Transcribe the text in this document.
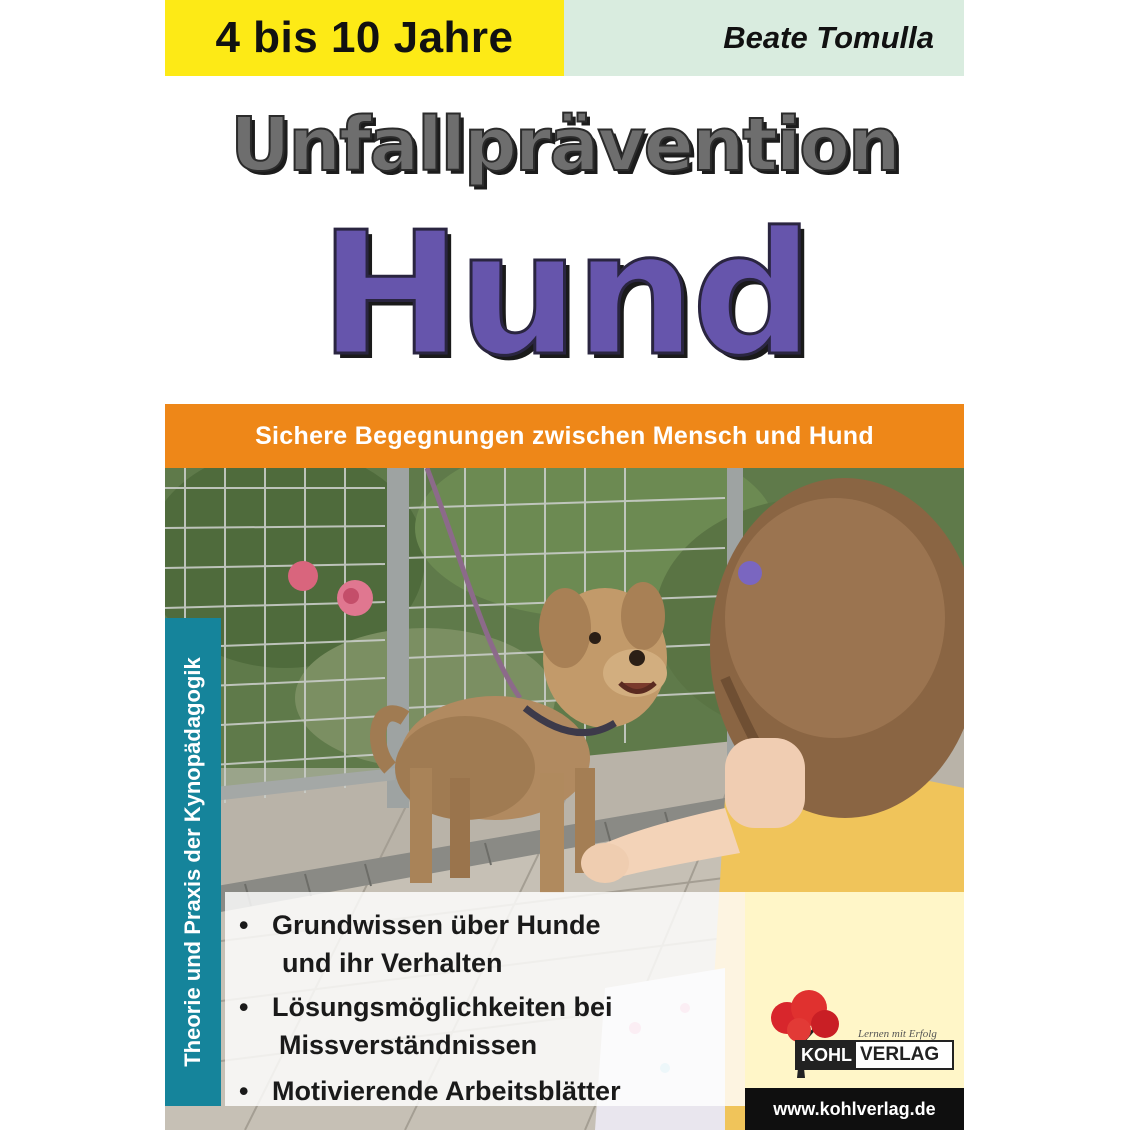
4 bis 10 Jahre	Beate Tomulla
Unfallprävention
Hund
Sichere Begegnungen zwischen Mensch und Hund
Theorie und Praxis der Kynopädagogik • Grundwissen über Hunde
und ihr Verhalten
• Lösungsmöglichkeiten bei
Missverständnissen
• Motivierende Arbeitsblätter
Lernen mit Erfolg
KOHL VERLAG
www.kohlverlag.de
